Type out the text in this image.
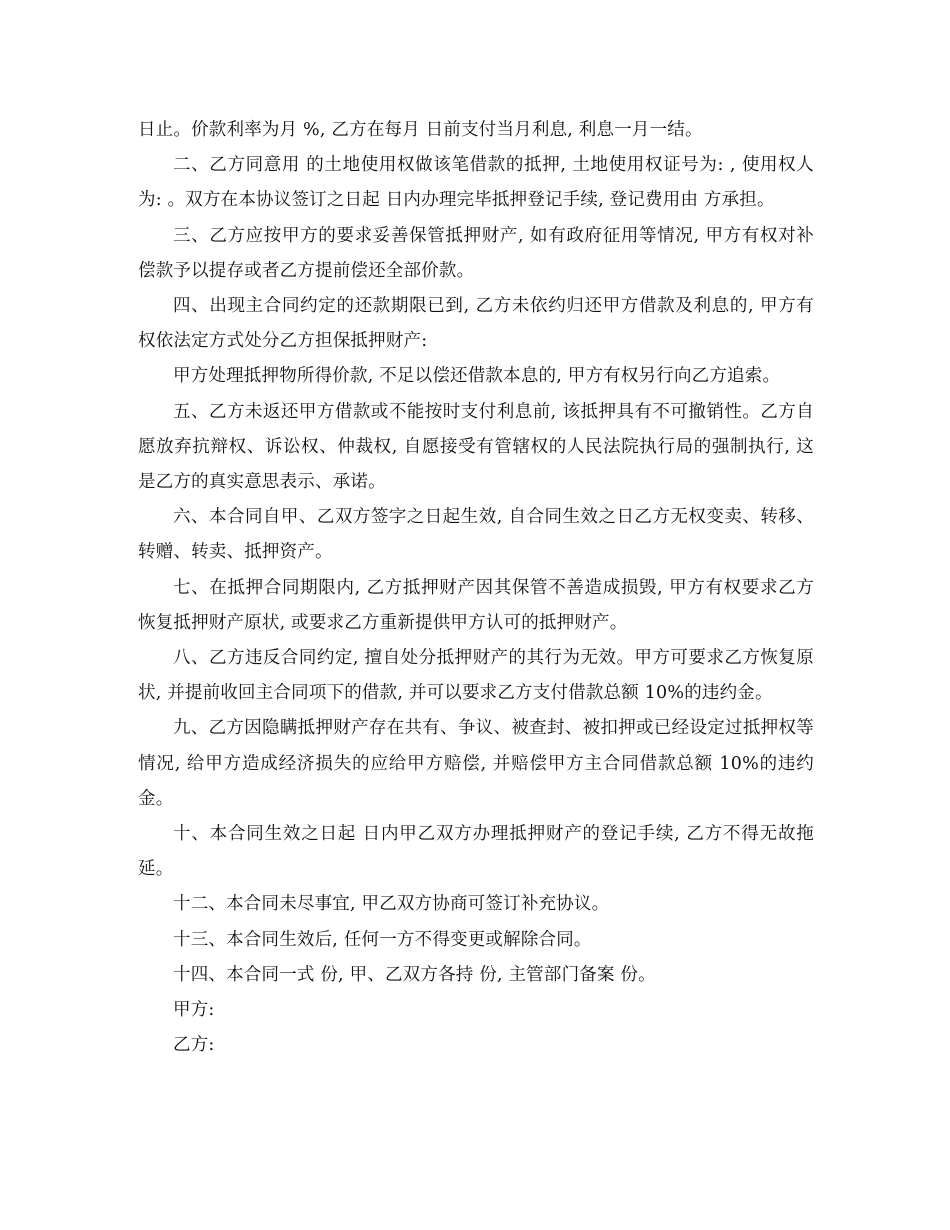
日止。价款利率为月 %, 乙方在每月 日前支付当月利息, 利息一月一结。

二、乙方同意用 的土地使用权做该笔借款的抵押, 土地使用权证号为: , 使用权人为: 。双方在本协议签订之日起 日内办理完毕抵押登记手续, 登记费用由 方承担。

三、乙方应按甲方的要求妥善保管抵押财产, 如有政府征用等情况, 甲方有权对补偿款予以提存或者乙方提前偿还全部价款。

四、出现主合同约定的还款期限已到, 乙方未依约归还甲方借款及利息的, 甲方有权依法定方式处分乙方担保抵押财产:

甲方处理抵押物所得价款, 不足以偿还借款本息的, 甲方有权另行向乙方追索。

五、乙方未返还甲方借款或不能按时支付利息前, 该抵押具有不可撤销性。乙方自愿放弃抗辩权、诉讼权、仲裁权, 自愿接受有管辖权的人民法院执行局的强制执行, 这是乙方的真实意思表示、承诺。

六、本合同自甲、乙双方签字之日起生效, 自合同生效之日乙方无权变卖、转移、转赠、转卖、抵押资产。

七、在抵押合同期限内, 乙方抵押财产因其保管不善造成损毁, 甲方有权要求乙方恢复抵押财产原状, 或要求乙方重新提供甲方认可的抵押财产。

八、乙方违反合同约定, 擅自处分抵押财产的其行为无效。甲方可要求乙方恢复原状, 并提前收回主合同项下的借款, 并可以要求乙方支付借款总额 10%的违约金。

九、乙方因隐瞒抵押财产存在共有、争议、被查封、被扣押或已经设定过抵押权等情况, 给甲方造成经济损失的应给甲方赔偿, 并赔偿甲方主合同借款总额 10%的违约金。

十、本合同生效之日起 日内甲乙双方办理抵押财产的登记手续, 乙方不得无故拖延。

十二、本合同未尽事宜, 甲乙双方协商可签订补充协议。

十三、本合同生效后, 任何一方不得变更或解除合同。

十四、本合同一式 份, 甲、乙双方各持 份, 主管部门备案 份。

甲方:

乙方:
